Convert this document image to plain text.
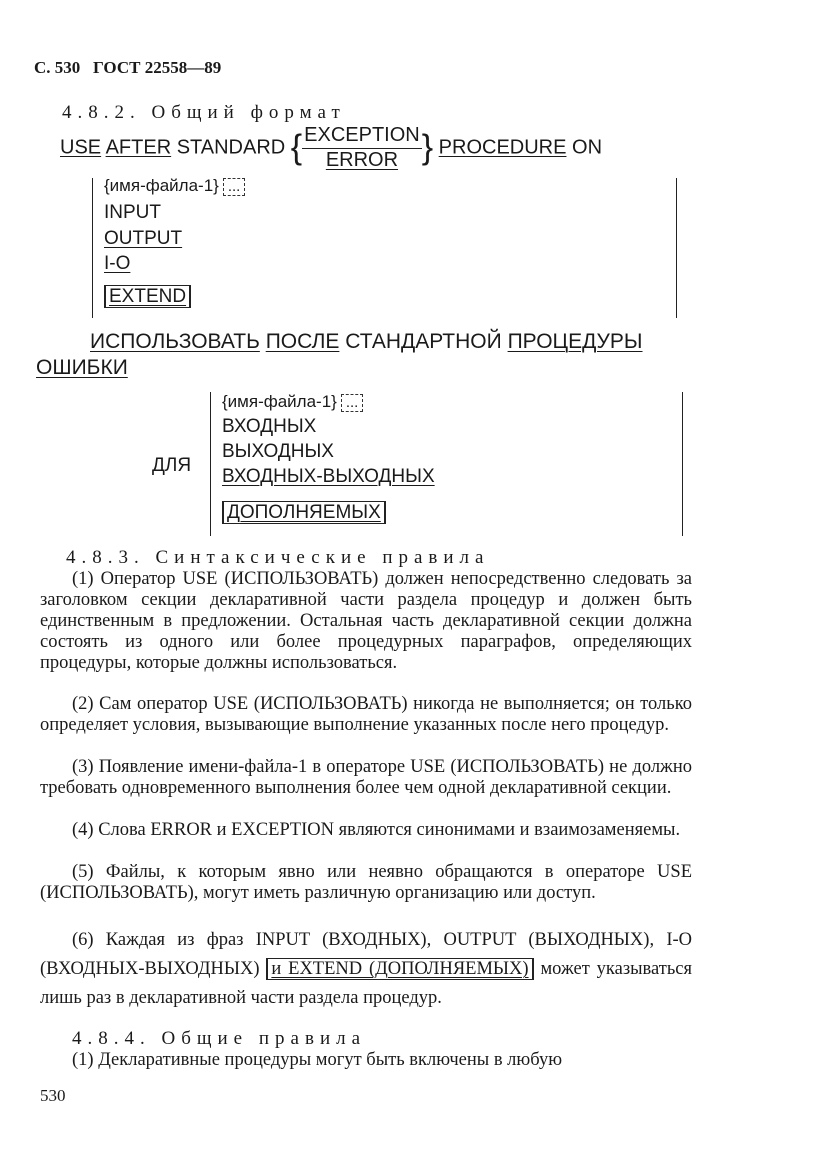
С. 530 ГОСТ 22558—89
4.8.2. Общий формат
USE AFTER STANDARD { $\frac{\text{EXCEPTION}}{\text{ERROR}}$ } PROCEDURE ON
{имя-файла-1} ...
INPUT
OUTPUT
I-O
EXTEND
ИСПОЛЬЗОВАТЬ ПОСЛЕ СТАНДАРТНОЙ ПРОЦЕДУРЫ
ОШИБКИ
ДЛЯ
{имя-файла-1} ...
ВХОДНЫХ
ВЫХОДНЫХ
ВХОДНЫХ-ВЫХОДНЫХ
ДОПОЛНЯЕМЫХ
4.8.3. Синтаксические правила
(1) Оператор USE (ИСПОЛЬЗОВАТЬ) должен непосредственно следовать за заголовком секции декларативной части раздела процедур и должен быть единственным в предложении. Остальная часть декларативной секции должна состоять из одного или более процедурных параграфов, определяющих процедуры, которые должны использоваться.
(2) Сам оператор USE (ИСПОЛЬЗОВАТЬ) никогда не выполняется; он только определяет условия, вызывающие выполнение указанных после него процедур.
(3) Появление имени-файла-1 в операторе USE (ИСПОЛЬЗОВАТЬ) не должно требовать одновременного выполнения более чем одной декларативной секции.
(4) Слова ERROR и EXCEPTION являются синонимами и взаимозаменяемы.
(5) Файлы, к которым явно или неявно обращаются в операторе USE (ИСПОЛЬЗОВАТЬ), могут иметь различную организацию или доступ.
(6) Каждая из фраз INPUT (ВХОДНЫХ), OUTPUT (ВЫХОДНЫХ), I-O (ВХОДНЫХ-ВЫХОДНЫХ) и EXTEND (ДОПОЛНЯЕМЫХ) может указываться лишь раз в декларативной части раздела процедур.
4.8.4. Общие правила
(1) Декларативные процедуры могут быть включены в любую
530
